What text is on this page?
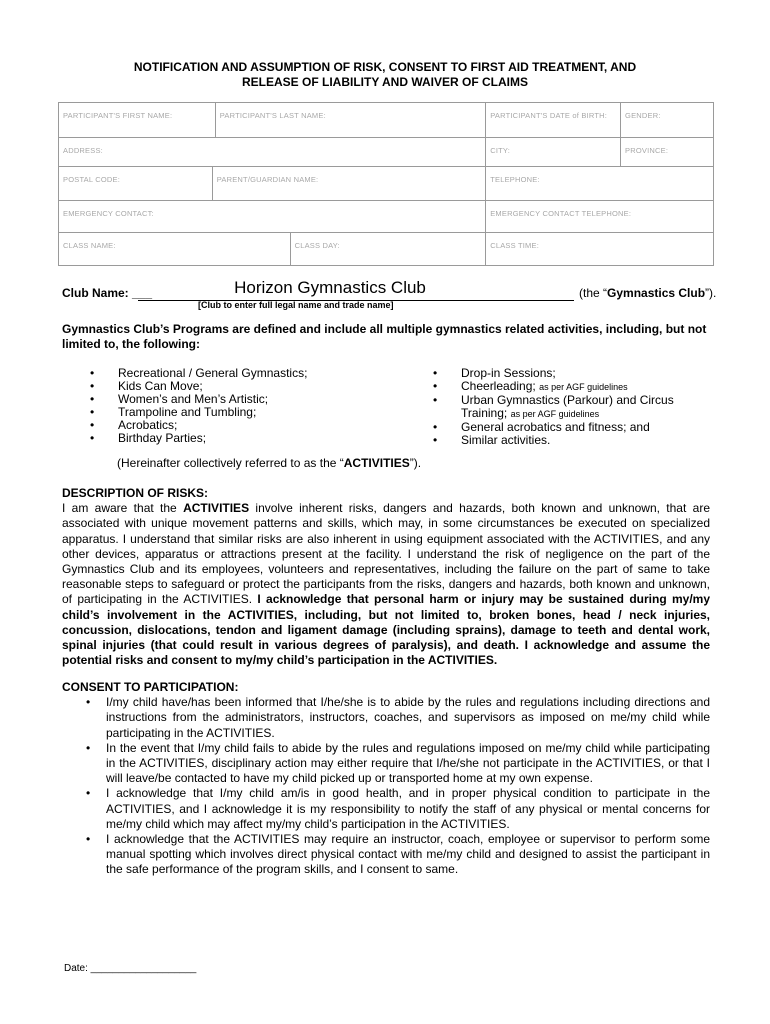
NOTIFICATION AND ASSUMPTION OF RISK, CONSENT TO FIRST AID TREATMENT, AND
RELEASE OF LIABILITY AND WAIVER OF CLAIMS
PARTICIPANT'S FIRST NAME:		PARTICIPANT'S LAST NAME:		PARTICIPANT'S DATE of BIRTH:	GENDER:
ADDRESS:				CITY:	PROVINCE:
POSTAL CODE:	PARENT/GUARDIAN NAME:			TELEPHONE:	
EMERGENCY CONTACT:				EMERGENCY CONTACT TELEPHONE:	
CLASS NAME:			CLASS DAY:	CLASS TIME:	
Club Name: ___	Horizon Gymnastics Club	(the “Gymnastics Club”).
[Club to enter full legal name and trade name]
Gymnastics Club’s Programs are defined and include all multiple gymnastics related activities, including, but not limited to, the following:
• Recreational / General Gymnastics;
• Kids Can Move;
• Women’s and Men’s Artistic;
• Trampoline and Tumbling;
• Acrobatics;
• Birthday Parties;
• Drop-in Sessions;
• Cheerleading; as per AGF guidelines
• Urban Gymnastics (Parkour) and Circus Training; as per AGF guidelines
• General acrobatics and fitness; and
• Similar activities.
(Hereinafter collectively referred to as the “ACTIVITIES”).
DESCRIPTION OF RISKS:
I am aware that the ACTIVITIES involve inherent risks, dangers and hazards, both known and unknown, that are associated with unique movement patterns and skills, which may, in some circumstances be executed on specialized apparatus. I understand that similar risks are also inherent in using equipment associated with the ACTIVITIES, and any other devices, apparatus or attractions present at the facility. I understand the risk of negligence on the part of the Gymnastics Club and its employees, volunteers and representatives, including the failure on the part of same to take reasonable steps to safeguard or protect the participants from the risks, dangers and hazards, both known and unknown, of participating in the ACTIVITIES. I acknowledge that personal harm or injury may be sustained during my/my child’s involvement in the ACTIVITIES, including, but not limited to, broken bones, head / neck injuries, concussion, dislocations, tendon and ligament damage (including sprains), damage to teeth and dental work, spinal injuries (that could result in various degrees of paralysis), and death. I acknowledge and assume the potential risks and consent to my/my child’s participation in the ACTIVITIES.
CONSENT TO PARTICIPATION:
• I/my child have/has been informed that I/he/she is to abide by the rules and regulations including directions and instructions from the administrators, instructors, coaches, and supervisors as imposed on me/my child while participating in the ACTIVITIES.
• In the event that I/my child fails to abide by the rules and regulations imposed on me/my child while participating in the ACTIVITIES, disciplinary action may either require that I/he/she not participate in the ACTIVITIES, or that I will leave/be contacted to have my child picked up or transported home at my own expense.
• I acknowledge that I/my child am/is in good health, and in proper physical condition to participate in the ACTIVITIES, and I acknowledge it is my responsibility to notify the staff of any physical or mental concerns for me/my child which may affect my/my child’s participation in the ACTIVITIES.
• I acknowledge that the ACTIVITIES may require an instructor, coach, employee or supervisor to perform some manual spotting which involves direct physical contact with me/my child and designed to assist the participant in the safe performance of the program skills, and I consent to same.
Date: ___________________
